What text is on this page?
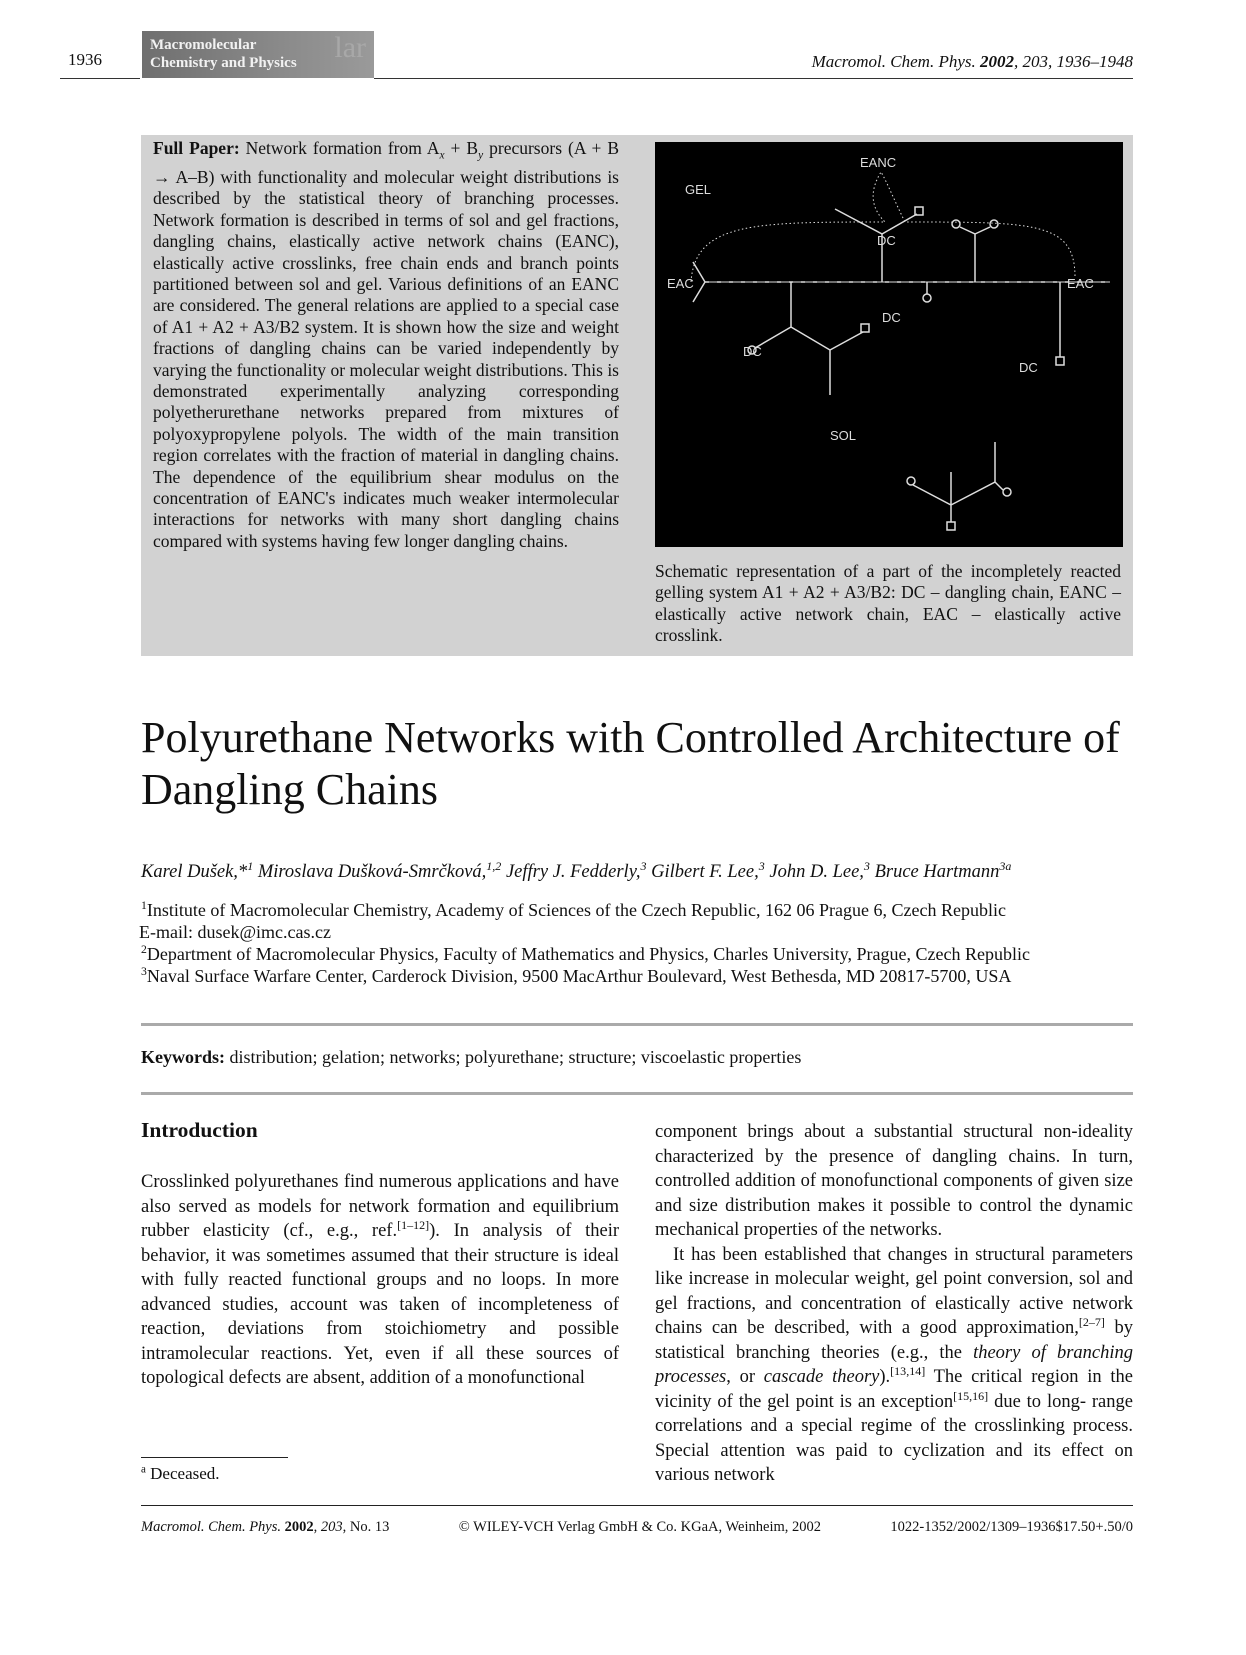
1936
Macromolecular
Chemistry and Physics	lar	Macromol. Chem. Phys. 2002, 203, 1936–1948
Full Paper: Network formation from $A_x + B_y$ precursors (A + B → A–B) with functionality and molecular weight distributions is described by the statistical theory of branching processes. Network formation is described in terms of sol and gel fractions, dangling chains, elastically active network chains (EANC), elastically active crosslinks, free chain ends and branch points partitioned between sol and gel. Various definitions of an EANC are considered. The general relations are applied to a special case of A1 + A2 + A3/B2 system. It is shown how the size and weight fractions of dangling chains can be varied independently by varying the functionality or molecular weight distributions. This is demonstrated experimentally analyzing corresponding polyetherurethane networks prepared from mixtures of polyoxypropylene polyols. The width of the main transition region correlates with the fraction of material in dangling chains. The dependence of the equilibrium shear modulus on the concentration of EANC's indicates much weaker intermolecular interactions for networks with many short dangling chains compared with systems having few longer dangling chains.
GEL
EANC
EAC	EAC
DC
DC
DC
DC
SOL
Schematic representation of a part of the incompletely reacted gelling system A1 + A2 + A3/B2: DC – dangling chain, EANC – elastically active network chain, EAC – elastically active crosslink.
Polyurethane Networks with Controlled Architecture of Dangling Chains
Karel Dušek,*$^1$ Miroslava Dušková-Smrčková,$^{1,2}$ Jeffry J. Fedderly,$^3$ Gilbert F. Lee,$^3$ John D. Lee,$^3$ Bruce Hartmann$^{3a}$
$^1$Institute of Macromolecular Chemistry, Academy of Sciences of the Czech Republic, 162 06 Prague 6, Czech Republic
E-mail: dusek@imc.cas.cz
$^2$Department of Macromolecular Physics, Faculty of Mathematics and Physics, Charles University, Prague, Czech Republic
$^3$Naval Surface Warfare Center, Carderock Division, 9500 MacArthur Boulevard, West Bethesda, MD 20817-5700, USA
Keywords: distribution; gelation; networks; polyurethane; structure; viscoelastic properties
Introduction

Crosslinked polyurethanes find numerous applications and have also served as models for network formation and equilibrium rubber elasticity (cf., e.g., ref.[1–12]). In analysis of their behavior, it was sometimes assumed that their structure is ideal with fully reacted functional groups and no loops. In more advanced studies, account was taken of incompleteness of reaction, deviations from stoichiometry and possible intramolecular reactions. Yet, even if all these sources of topological defects are absent, addition of a monofunctional

component brings about a substantial structural non-ideality characterized by the presence of dangling chains. In turn, controlled addition of monofunctional components of given size and size distribution makes it possible to control the dynamic mechanical properties of the networks.

It has been established that changes in structural parameters like increase in molecular weight, gel point conversion, sol and gel fractions, and concentration of elastically active network chains can be described, with a good approximation,[2–7] by statistical branching theories (e.g., the theory of branching processes, or cascade theory).[13,14] The critical region in the vicinity of the gel point is an exception[15,16] due to long- range correlations and a special regime of the crosslinking process. Special attention was paid to cyclization and its effect on various network

$^a$ Deceased.
Macromol. Chem. Phys. 2002, 203, No. 13	© WILEY-VCH Verlag GmbH & Co. KGaA, Weinheim, 2002	1022-1352/2002/1309–1936$17.50+.50/0
